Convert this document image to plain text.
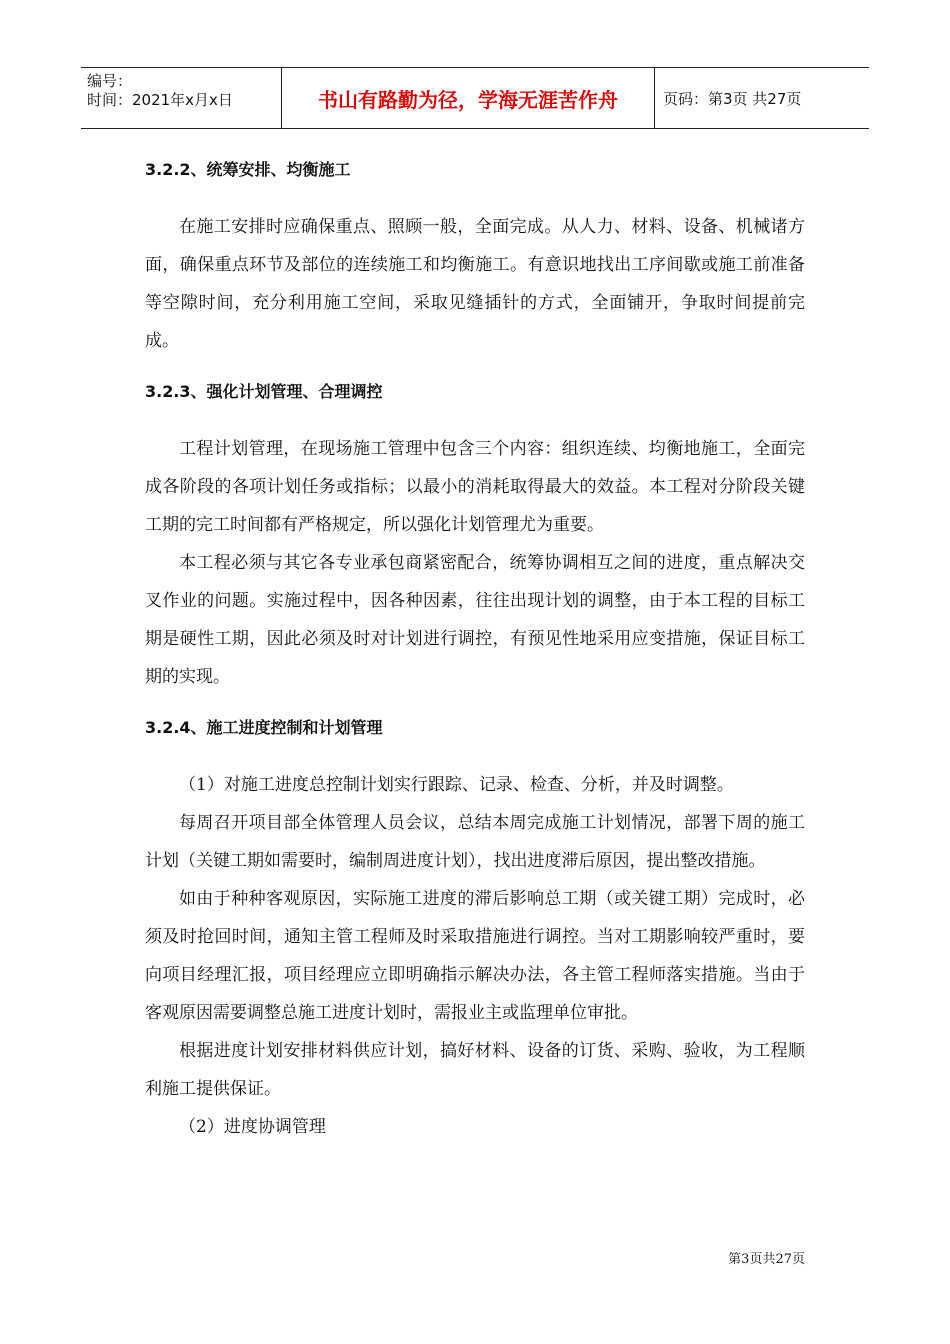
编号：
时间：2021年x月x日	书山有路勤为径，学海无涯苦作舟	页码：第3页 共27页
3.2.2、统筹安排、均衡施工

在施工安排时应确保重点、照顾一般，全面完成。从人力、材料、设备、机械诸方面，确保重点环节及部位的连续施工和均衡施工。有意识地找出工序间歇或施工前准备等空隙时间，充分利用施工空间，采取见缝插针的方式，全面铺开，争取时间提前完成。

3.2.3、强化计划管理、合理调控

工程计划管理，在现场施工管理中包含三个内容：组织连续、均衡地施工，全面完成各阶段的各项计划任务或指标；以最小的消耗取得最大的效益。本工程对分阶段关键工期的完工时间都有严格规定，所以强化计划管理尤为重要。

本工程必须与其它各专业承包商紧密配合，统筹协调相互之间的进度，重点解决交叉作业的问题。实施过程中，因各种因素，往往出现计划的调整，由于本工程的目标工期是硬性工期，因此必须及时对计划进行调控，有预见性地采用应变措施，保证目标工期的实现。

3.2.4、施工进度控制和计划管理

（1）对施工进度总控制计划实行跟踪、记录、检查、分析，并及时调整。

每周召开项目部全体管理人员会议，总结本周完成施工计划情况，部署下周的施工计划（关键工期如需要时，编制周进度计划），找出进度滞后原因，提出整改措施。

如由于种种客观原因，实际施工进度的滞后影响总工期（或关键工期）完成时，必须及时抢回时间，通知主管工程师及时采取措施进行调控。当对工期影响较严重时，要向项目经理汇报，项目经理应立即明确指示解决办法，各主管工程师落实措施。当由于客观原因需要调整总施工进度计划时，需报业主或监理单位审批。

根据进度计划安排材料供应计划，搞好材料、设备的订货、采购、验收，为工程顺利施工提供保证。

（2）进度协调管理

第3页共27页
